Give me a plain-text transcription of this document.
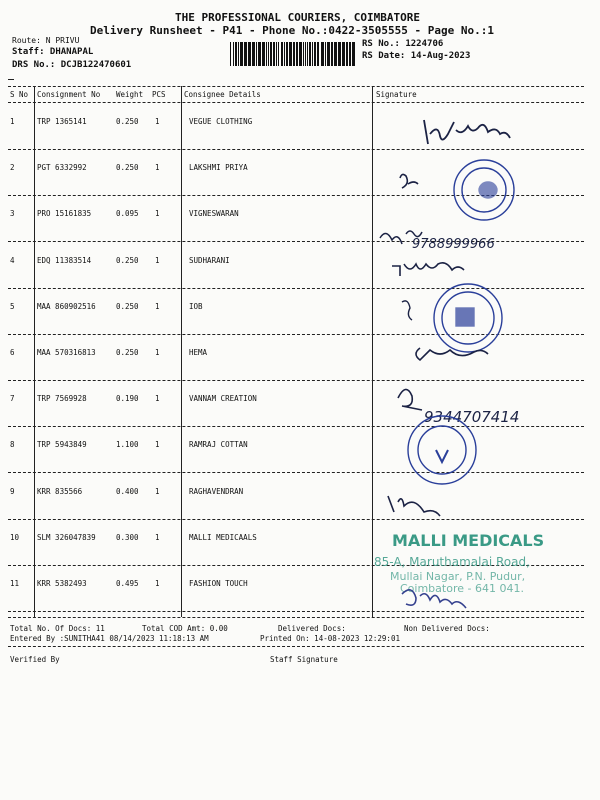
THE PROFESSIONAL COURIERS, COIMBATORE
Delivery Runsheet - P41 - Phone No.:0422-3505555 - Page No.:1
Route: N PRIVU
Staff: DHANAPAL
DRS No.: DCJB122470601
RS No.: 1224706
RS Date: 14-Aug-2023
S No Consignment No Weight PCS Consignee Details	Signature
1	TRP 1365141	0.250 1	VEGUE CLOTHING
2	PGT 6332992	0.250 1	LAKSHMI PRIYA
3	PRO 15161835	0.095 1	VIGNESWARAN
4	EDQ 11383514	0.250 1	SUDHARANI
5	MAA 860902516	0.250 1	IOB
6	MAA 570316813	0.250 1	HEMA
7	TRP 7569928	0.190 1	VANNAM CREATION
8	TRP 5943849	1.100 1	RAMRAJ COTTAN
9	KRR 835566	0.400 1	RAGHAVENDRAN
10 SLM 326047839	0.300 1	MALLI MEDICAALS
11 KRR 5382493	0.495 1	FASHION TOUCH
9788999966
9344707414
MALLI MEDICALS
85-A, Maruthamalai Road,
Mullai Nagar, P.N. Pudur,
Coimbatore - 641 041.
Total No. Of Docs: 11	Total COD Amt: 0.00	Delivered Docs:	Non Delivered Docs:
Entered By :SUNITHA41 08/14/2023 11:18:13 AM	Printed On: 14-08-2023 12:29:01
Verified By	Staff Signature
